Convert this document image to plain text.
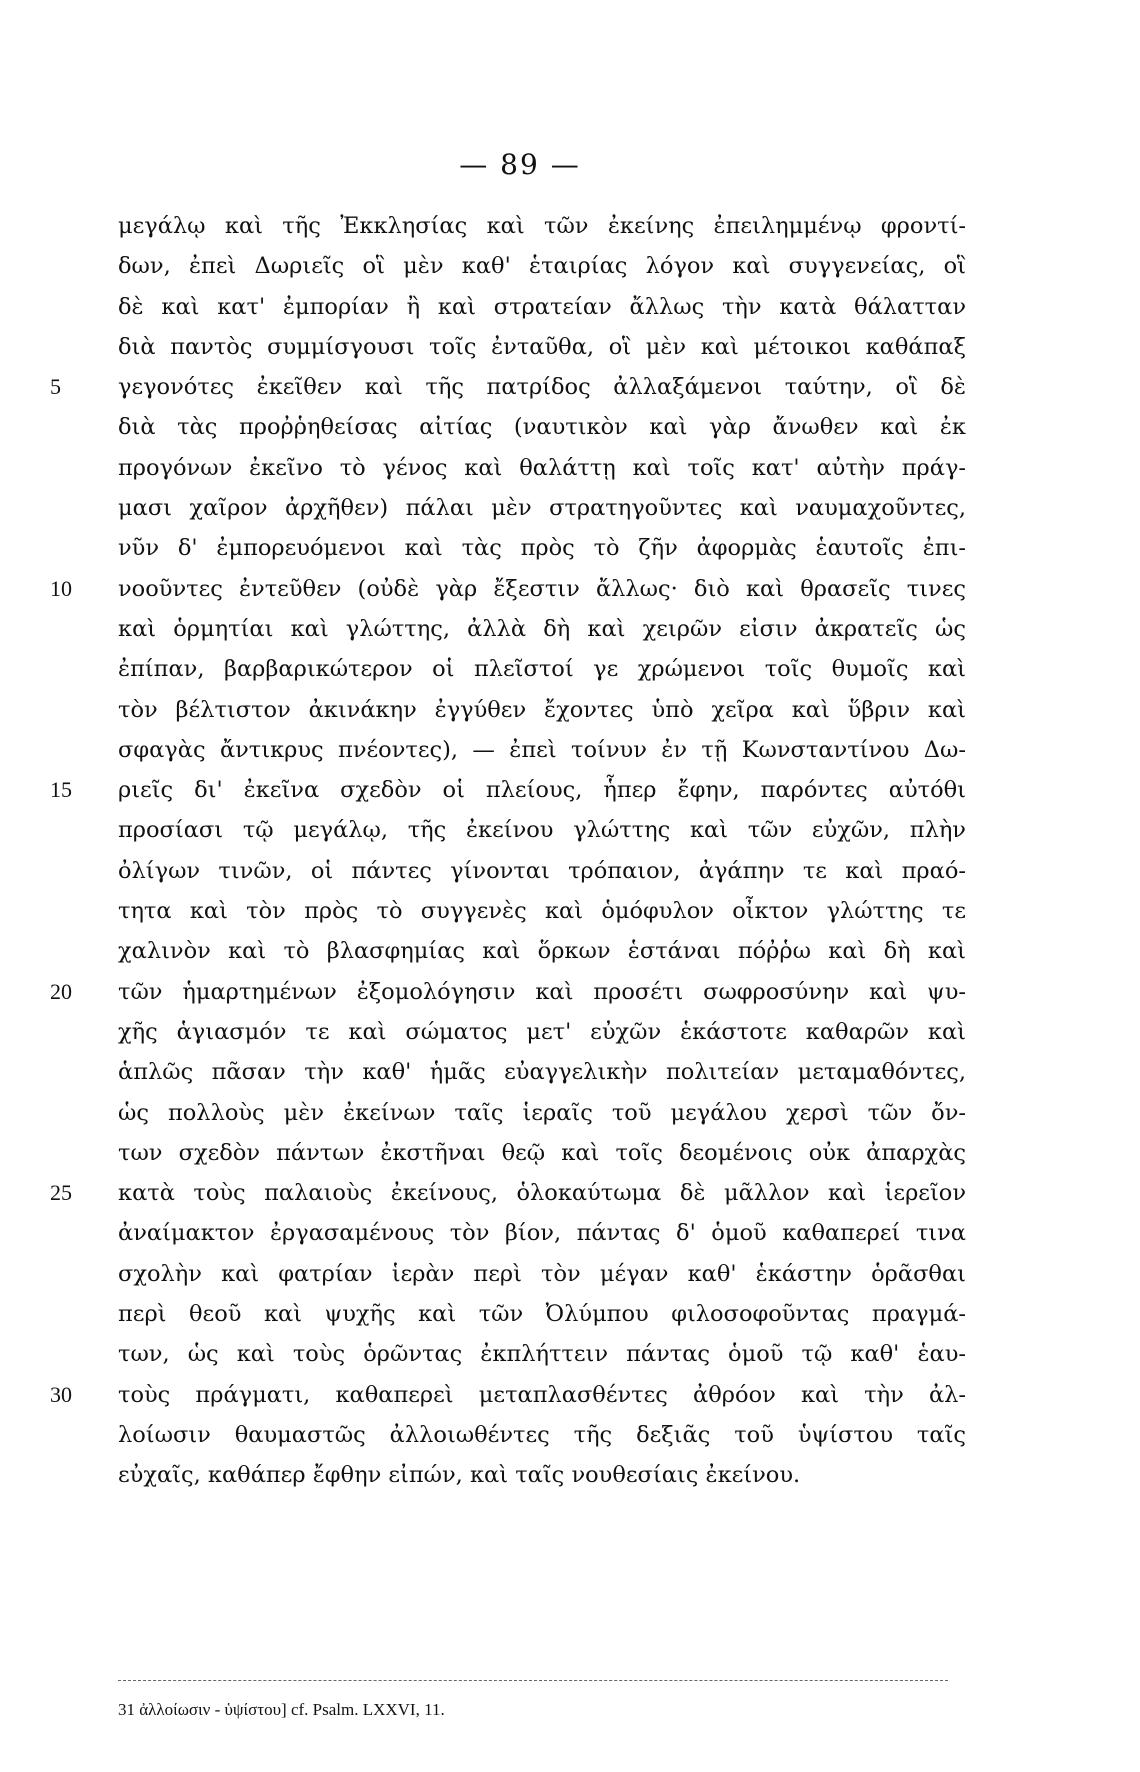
— 89 —
μεγάλῳ καὶ τῆς Ἐκκλησίας καὶ τῶν ἐκείνης ἐπειλημμένῳ φροντί-
δων, ἐπεὶ Δωριεῖς οἳ μὲν καθ' ἑταιρίας λόγον καὶ συγγενείας, οἳ
δὲ καὶ κατ' ἐμπορίαν ἢ καὶ στρατείαν ἄλλως τὴν κατὰ θάλατταν
διὰ παντὸς συμμίσγουσι τοῖς ἐνταῦθα, οἳ μὲν καὶ μέτοικοι καθάπαξ
5	γεγονότες ἐκεῖθεν καὶ τῆς πατρίδος ἀλλαξάμενοι ταύτην, οἳ δὲ
διὰ τὰς προῤῥηθείσας αἰτίας (ναυτικὸν καὶ γὰρ ἄνωθεν καὶ ἐκ
προγόνων ἐκεῖνο τὸ γένος καὶ θαλάττῃ καὶ τοῖς κατ' αὐτὴν πράγ-
μασι χαῖρον ἀρχῆθεν) πάλαι μὲν στρατηγοῦντες καὶ ναυμαχοῦντες,
νῦν δ' ἐμπορευόμενοι καὶ τὰς πρὸς τὸ ζῆν ἀφορμὰς ἑαυτοῖς ἐπι-
10	νοοῦντες ἐντεῦθεν (οὐδὲ γὰρ ἔξεστιν ἄλλως· διὸ καὶ θρασεῖς τινες
καὶ ὁρμητίαι καὶ γλώττης, ἀλλὰ δὴ καὶ χειρῶν εἰσιν ἀκρατεῖς ὡς
ἐπίπαν, βαρβαρικώτερον οἱ πλεῖστοί γε χρώμενοι τοῖς θυμοῖς καὶ
τὸν βέλτιστον ἀκινάκην ἐγγύθεν ἔχοντες ὑπὸ χεῖρα καὶ ὕβριν καὶ
σφαγὰς ἄντικρυς πνέοντες), — ἐπεὶ τοίνυν ἐν τῇ Κωνσταντίνου Δω-
15	ριεῖς δι' ἐκεῖνα σχεδὸν οἱ πλείους, ἧπερ ἔφην, παρόντες αὐτόθι
προσίασι τῷ μεγάλῳ, τῆς ἐκείνου γλώττης καὶ τῶν εὐχῶν, πλὴν
ὀλίγων τινῶν, οἱ πάντες γίνονται τρόπαιον, ἀγάπην τε καὶ πραό-
τητα καὶ τὸν πρὸς τὸ συγγενὲς καὶ ὁμόφυλον οἶκτον γλώττης τε
χαλινὸν καὶ τὸ βλασφημίας καὶ ὅρκων ἑστάναι πόῤῥω καὶ δὴ καὶ
20	τῶν ἡμαρτημένων ἐξομολόγησιν καὶ προσέτι σωφροσύνην καὶ ψυ-
χῆς ἁγιασμόν τε καὶ σώματος μετ' εὐχῶν ἑκάστοτε καθαρῶν καὶ
ἁπλῶς πᾶσαν τὴν καθ' ἡμᾶς εὐαγγελικὴν πολιτείαν μεταμαθόντες,
ὡς πολλοὺς μὲν ἐκείνων ταῖς ἱεραῖς τοῦ μεγάλου χερσὶ τῶν ὄν-
των σχεδὸν πάντων ἐκστῆναι θεῷ καὶ τοῖς δεομένοις οὐκ ἀπαρχὰς
25	κατὰ τοὺς παλαιοὺς ἐκείνους, ὁλοκαύτωμα δὲ μᾶλλον καὶ ἱερεῖον
ἀναίμακτον ἐργασαμένους τὸν βίον, πάντας δ' ὁμοῦ καθαπερεί τινα
σχολὴν καὶ φατρίαν ἱερὰν περὶ τὸν μέγαν καθ' ἑκάστην ὁρᾶσθαι
περὶ θεοῦ καὶ ψυχῆς καὶ τῶν Ὀλύμπου φιλοσοφοῦντας πραγμά-
των, ὡς καὶ τοὺς ὁρῶντας ἐκπλήττειν πάντας ὁμοῦ τῷ καθ' ἑαυ-
30	τοὺς πράγματι, καθαπερεὶ μεταπλασθέντες ἀθρόον καὶ τὴν ἀλ-
λοίωσιν θαυμαστῶς ἀλλοιωθέντες τῆς δεξιᾶς τοῦ ὑψίστου ταῖς
εὐχαῖς, καθάπερ ἔφθην εἰπών, καὶ ταῖς νουθεσίαις ἐκείνου.
31 ἀλλοίωσιν - ὑψίστου] cf. Psalm. LXXVI, 11.
